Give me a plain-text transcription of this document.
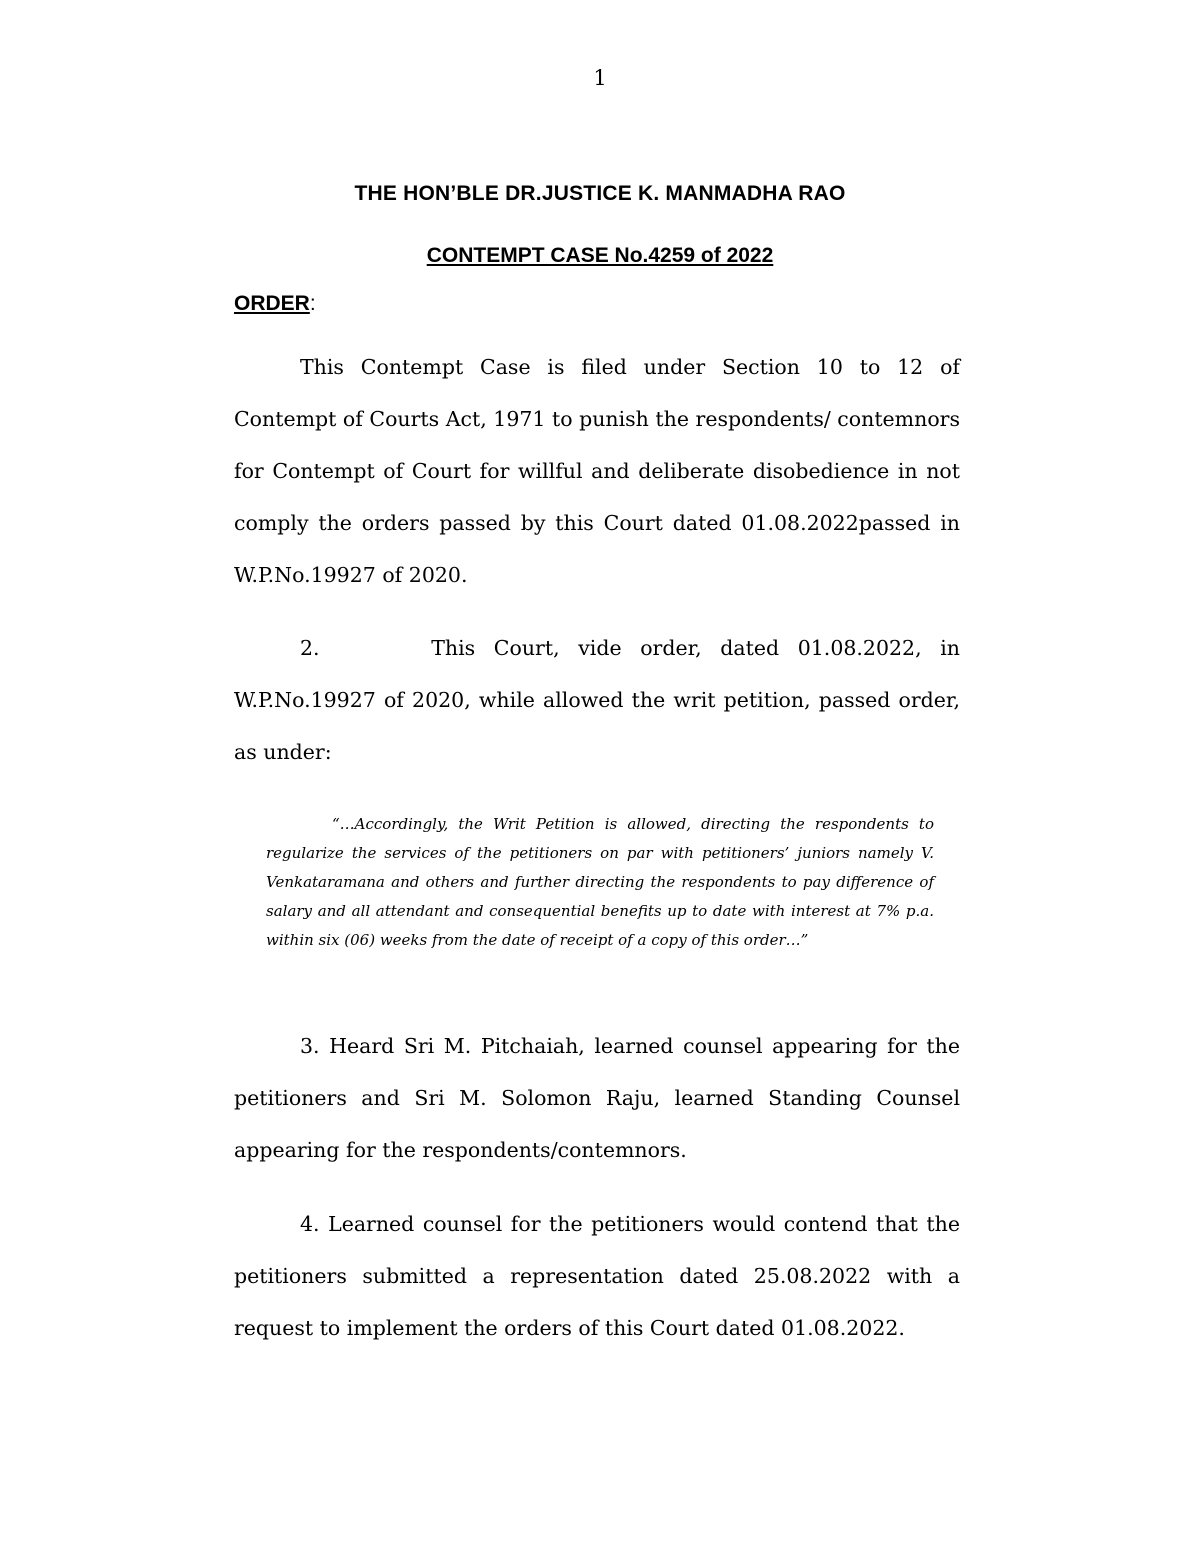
1
THE HON’BLE DR.JUSTICE K. MANMADHA RAO
CONTEMPT CASE No.4259 of 2022
ORDER:

This Contempt Case is filed under Section 10 to 12 of Contempt of Courts Act, 1971 to punish the respondents/ contemnors for Contempt of Court for willful and deliberate disobedience in not comply the orders passed by this Court dated 01.08.2022passed in W.P.No.19927 of 2020.

2.      This Court, vide order, dated 01.08.2022, in W.P.No.19927 of 2020, while allowed the writ petition, passed order, as under:

“…Accordingly, the Writ Petition is allowed, directing the respondents to regularize the services of the petitioners on par with petitioners’ juniors namely V. Venkataramana and others and further directing the respondents to pay difference of salary and all attendant and consequential benefits up to date with interest at 7% p.a. within six (06) weeks from the date of receipt of a copy of this order…”

3. Heard Sri M. Pitchaiah, learned counsel appearing for the petitioners and Sri M. Solomon Raju, learned Standing Counsel appearing for the respondents/contemnors.

4. Learned counsel for the petitioners would contend that the petitioners submitted a representation dated 25.08.2022 with a request to implement the orders of this Court dated 01.08.2022.
